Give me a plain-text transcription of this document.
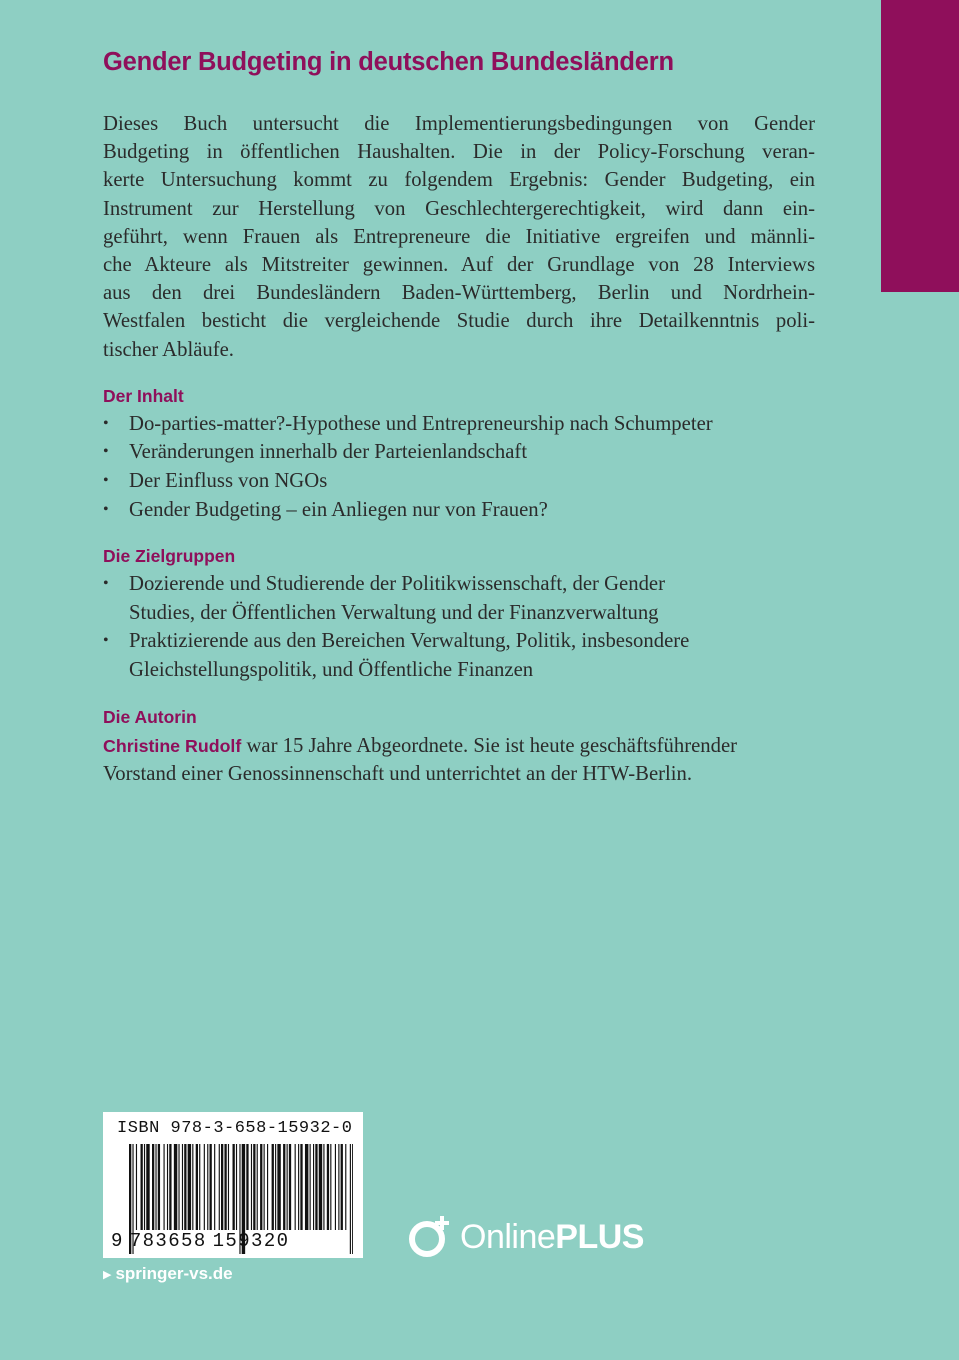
Gender Budgeting in deutschen Bundesländern

Dieses Buch untersucht die Implementierungsbedingungen von Gender
Budgeting in öffentlichen Haushalten. Die in der Policy-Forschung veran-
kerte Untersuchung kommt zu folgendem Ergebnis: Gender Budgeting, ein
Instrument zur Herstellung von Geschlechtergerechtigkeit, wird dann ein-
geführt, wenn Frauen als Entrepreneure die Initiative ergreifen und männli-
che Akteure als Mitstreiter gewinnen. Auf der Grundlage von 28 Interviews
aus den drei Bundesländern Baden-Württemberg, Berlin und Nordrhein-
Westfalen besticht die vergleichende Studie durch ihre Detailkenntnis poli-
tischer Abläufe.

Der Inhalt
• Do-parties-matter?-Hypothese und Entrepreneurship nach Schumpeter
• Veränderungen innerhalb der Parteienlandschaft
• Der Einfluss von NGOs
• Gender Budgeting – ein Anliegen nur von Frauen?
Die Zielgruppen
• Dozierende und Studierende der Politikwissenschaft, der Gender
Studies, der Öffentlichen Verwaltung und der Finanzverwaltung
• Praktizierende aus den Bereichen Verwaltung, Politik, insbesondere
Gleichstellungspolitik, und Öffentliche Finanzen
Die Autorin

Christine Rudolf war 15 Jahre Abgeordnete. Sie ist heute geschäftsführender
Vorstand einer Genossinnenschaft und unterrichtet an der HTW-Berlin.

ISBN 978-3-658-15932-0
9 783658 159320
▶ springer-vs.de
OnlinePLUS
